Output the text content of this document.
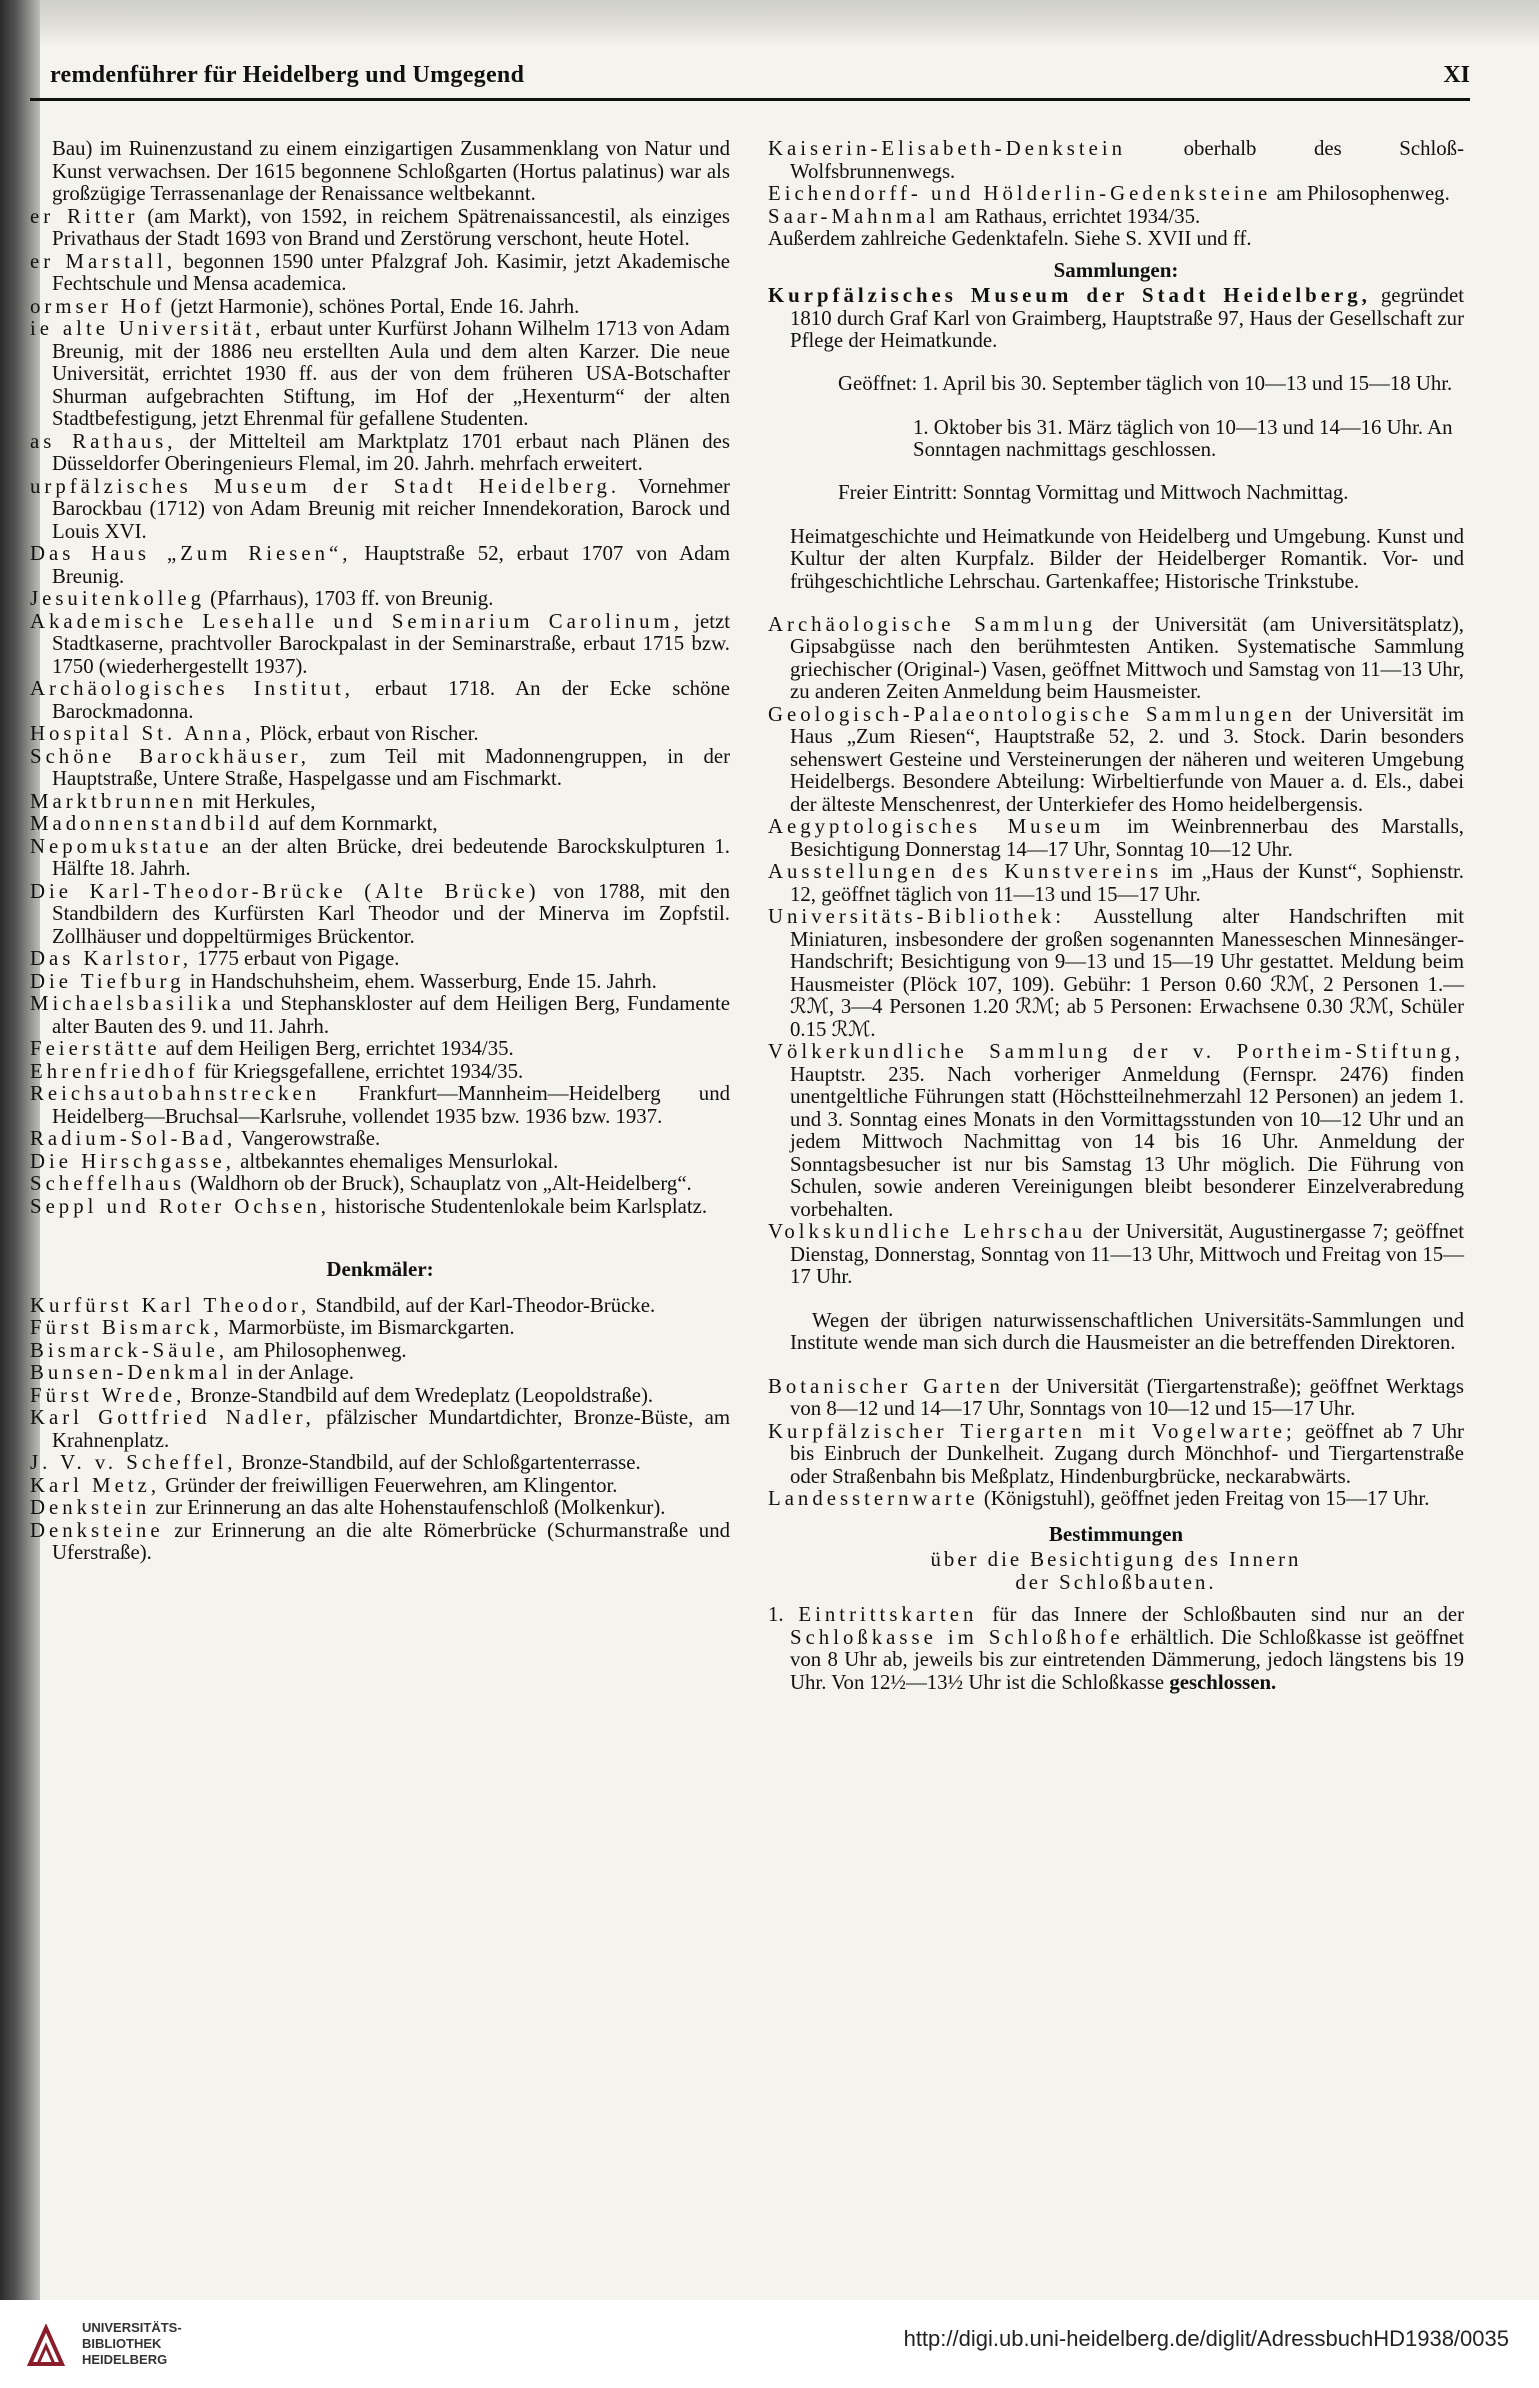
remdenführer für Heidelberg und Umgegend	XI

Bau) im Ruinenzustand zu einem einzigartigen Zusammenklang von Natur und Kunst verwachsen. Der 1615 begonnene Schloßgarten (Hortus palatinus) war als großzügige Terrassenanlage der Renaissance weltbekannt.

er Ritter (am Markt), von 1592, in reichem Spätrenaissancestil, als einziges Privathaus der Stadt 1693 von Brand und Zerstörung verschont, heute Hotel.

er Marstall, begonnen 1590 unter Pfalzgraf Joh. Kasimir, jetzt Akademische Fechtschule und Mensa academica.

ormser Hof (jetzt Harmonie), schönes Portal, Ende 16. Jahrh.

ie alte Universität, erbaut unter Kurfürst Johann Wilhelm 1713 von Adam Breunig, mit der 1886 neu erstellten Aula und dem alten Karzer. Die neue Universität, errichtet 1930 ff. aus der von dem früheren USA-Botschafter Shurman aufgebrachten Stiftung, im Hof der „Hexenturm“ der alten Stadtbefestigung, jetzt Ehrenmal für gefallene Studenten.

as Rathaus, der Mittelteil am Marktplatz 1701 erbaut nach Plänen des Düsseldorfer Oberingenieurs Flemal, im 20. Jahrh. mehrfach erweitert.

urpfälzisches Museum der Stadt Heidelberg. Vornehmer Barockbau (1712) von Adam Breunig mit reicher Innendekoration, Barock und Louis XVI.

Das Haus „Zum Riesen“, Hauptstraße 52, erbaut 1707 von Adam Breunig.

Jesuitenkolleg (Pfarrhaus), 1703 ff. von Breunig.

Akademische Lesehalle und Seminarium Carolinum, jetzt Stadtkaserne, prachtvoller Barockpalast in der Seminarstraße, erbaut 1715 bzw. 1750 (wiederhergestellt 1937).

Archäologisches Institut, erbaut 1718. An der Ecke schöne Barockmadonna.

Hospital St. Anna, Plöck, erbaut von Rischer.

Schöne Barockhäuser, zum Teil mit Madonnengruppen, in der Hauptstraße, Untere Straße, Haspelgasse und am Fischmarkt.

Marktbrunnen mit Herkules,

Madonnenstandbild auf dem Kornmarkt,

Nepomukstatue an der alten Brücke, drei bedeutende Barockskulpturen 1. Hälfte 18. Jahrh.

Die Karl-Theodor-Brücke (Alte Brücke) von 1788, mit den Standbildern des Kurfürsten Karl Theodor und der Minerva im Zopfstil. Zollhäuser und doppeltürmiges Brückentor.

Das Karlstor, 1775 erbaut von Pigage.

Die Tiefburg in Handschuhsheim, ehem. Wasserburg, Ende 15. Jahrh.

Michaelsbasilika und Stephanskloster auf dem Heiligen Berg, Fundamente alter Bauten des 9. und 11. Jahrh.

Feierstätte auf dem Heiligen Berg, errichtet 1934/35.

Ehrenfriedhof für Kriegsgefallene, errichtet 1934/35.

Reichsautobahnstrecken Frankfurt—Mannheim—Heidelberg und Heidelberg—Bruchsal—Karlsruhe, vollendet 1935 bzw. 1936 bzw. 1937.

Radium-Sol-Bad, Vangerowstraße.

Die Hirschgasse, altbekanntes ehemaliges Mensurlokal.

Scheffelhaus (Waldhorn ob der Bruck), Schauplatz von „Alt-Heidelberg“.

Seppl und Roter Ochsen, historische Studentenlokale beim Karlsplatz.

Denkmäler:

Kurfürst Karl Theodor, Standbild, auf der Karl-Theodor-Brücke.

Fürst Bismarck, Marmorbüste, im Bismarckgarten.

Bismarck-Säule, am Philosophenweg.

Bunsen-Denkmal in der Anlage.

Fürst Wrede, Bronze-Standbild auf dem Wredeplatz (Leopoldstraße).

Karl Gottfried Nadler, pfälzischer Mundartdichter, Bronze-Büste, am Krahnenplatz.

J. V. v. Scheffel, Bronze-Standbild, auf der Schloßgartenterrasse.

Karl Metz, Gründer der freiwilligen Feuerwehren, am Klingentor.

Denkstein zur Erinnerung an das alte Hohenstaufenschloß (Molkenkur).

Denksteine zur Erinnerung an die alte Römerbrücke (Schurmanstraße und Uferstraße).

Kaiserin-Elisabeth-Denkstein oberhalb des Schloß-Wolfsbrunnenwegs.

Eichendorff- und Hölderlin-Gedenksteine am Philosophenweg.

Saar-Mahnmal am Rathaus, errichtet 1934/35.

Außerdem zahlreiche Gedenktafeln. Siehe S. XVII und ff.

Sammlungen:

Kurpfälzisches Museum der Stadt Heidelberg, gegründet 1810 durch Graf Karl von Graimberg, Hauptstraße 97, Haus der Gesellschaft zur Pflege der Heimatkunde.

Geöffnet: 1. April bis 30. September täglich von 10—13 und 15—18 Uhr.

1. Oktober bis 31. März täglich von 10—13 und 14—16 Uhr. An Sonntagen nachmittags geschlossen.

Freier Eintritt: Sonntag Vormittag und Mittwoch Nachmittag.

Heimatgeschichte und Heimatkunde von Heidelberg und Umgebung. Kunst und Kultur der alten Kurpfalz. Bilder der Heidelberger Romantik. Vor- und frühgeschichtliche Lehrschau. Gartenkaffee; Historische Trinkstube.

Archäologische Sammlung der Universität (am Universitätsplatz), Gipsabgüsse nach den berühmtesten Antiken. Systematische Sammlung griechischer (Original-) Vasen, geöffnet Mittwoch und Samstag von 11—13 Uhr, zu anderen Zeiten Anmeldung beim Hausmeister.

Geologisch-Palaeontologische Sammlungen der Universität im Haus „Zum Riesen“, Hauptstraße 52, 2. und 3. Stock. Darin besonders sehenswert Gesteine und Versteinerungen der näheren und weiteren Umgebung Heidelbergs. Besondere Abteilung: Wirbeltierfunde von Mauer a. d. Els., dabei der älteste Menschenrest, der Unterkiefer des Homo heidelbergensis.

Aegyptologisches Museum im Weinbrennerbau des Marstalls, Besichtigung Donnerstag 14—17 Uhr, Sonntag 10—12 Uhr.

Ausstellungen des Kunstvereins im „Haus der Kunst“, Sophienstr. 12, geöffnet täglich von 11—13 und 15—17 Uhr.

Universitäts-Bibliothek: Ausstellung alter Handschriften mit Miniaturen, insbesondere der großen sogenannten Manesseschen Minnesänger-Handschrift; Besichtigung von 9—13 und 15—19 Uhr gestattet. Meldung beim Hausmeister (Plöck 107, 109). Gebühr: 1 Person 0.60 ℛℳ, 2 Personen 1.— ℛℳ, 3—4 Personen 1.20 ℛℳ; ab 5 Personen: Erwachsene 0.30 ℛℳ, Schüler 0.15 ℛℳ.

Völkerkundliche Sammlung der v. Portheim-Stiftung, Hauptstr. 235. Nach vorheriger Anmeldung (Fernspr. 2476) finden unentgeltliche Führungen statt (Höchstteilnehmerzahl 12 Personen) an jedem 1. und 3. Sonntag eines Monats in den Vormittagsstunden von 10—12 Uhr und an jedem Mittwoch Nachmittag von 14 bis 16 Uhr. Anmeldung der Sonntagsbesucher ist nur bis Samstag 13 Uhr möglich. Die Führung von Schulen, sowie anderen Vereinigungen bleibt besonderer Einzelverabredung vorbehalten.

Volkskundliche Lehrschau der Universität, Augustinergasse 7; geöffnet Dienstag, Donnerstag, Sonntag von 11—13 Uhr, Mittwoch und Freitag von 15—17 Uhr.

Wegen der übrigen naturwissenschaftlichen Universitäts-Sammlungen und Institute wende man sich durch die Hausmeister an die betreffenden Direktoren.

Botanischer Garten der Universität (Tiergartenstraße); geöffnet Werktags von 8—12 und 14—17 Uhr, Sonntags von 10—12 und 15—17 Uhr.

Kurpfälzischer Tiergarten mit Vogelwarte; geöffnet ab 7 Uhr bis Einbruch der Dunkelheit. Zugang durch Mönchhof- und Tiergartenstraße oder Straßenbahn bis Meßplatz, Hindenburgbrücke, neckarabwärts.

Landessternwarte (Königstuhl), geöffnet jeden Freitag von 15—17 Uhr.

Bestimmungen

über die Besichtigung des Innern

der Schloßbauten.

1. Eintrittskarten für das Innere der Schloßbauten sind nur an der Schloßkasse im Schloßhofe erhältlich. Die Schloßkasse ist geöffnet von 8 Uhr ab, jeweils bis zur eintretenden Dämmerung, jedoch längstens bis 19 Uhr. Von 12½—13½ Uhr ist die Schloßkasse geschlossen.

UNIVERSITÄTS-
BIBLIOTHEK
HEIDELBERG
http://digi.ub.uni-heidelberg.de/diglit/AdressbuchHD1938/0035
